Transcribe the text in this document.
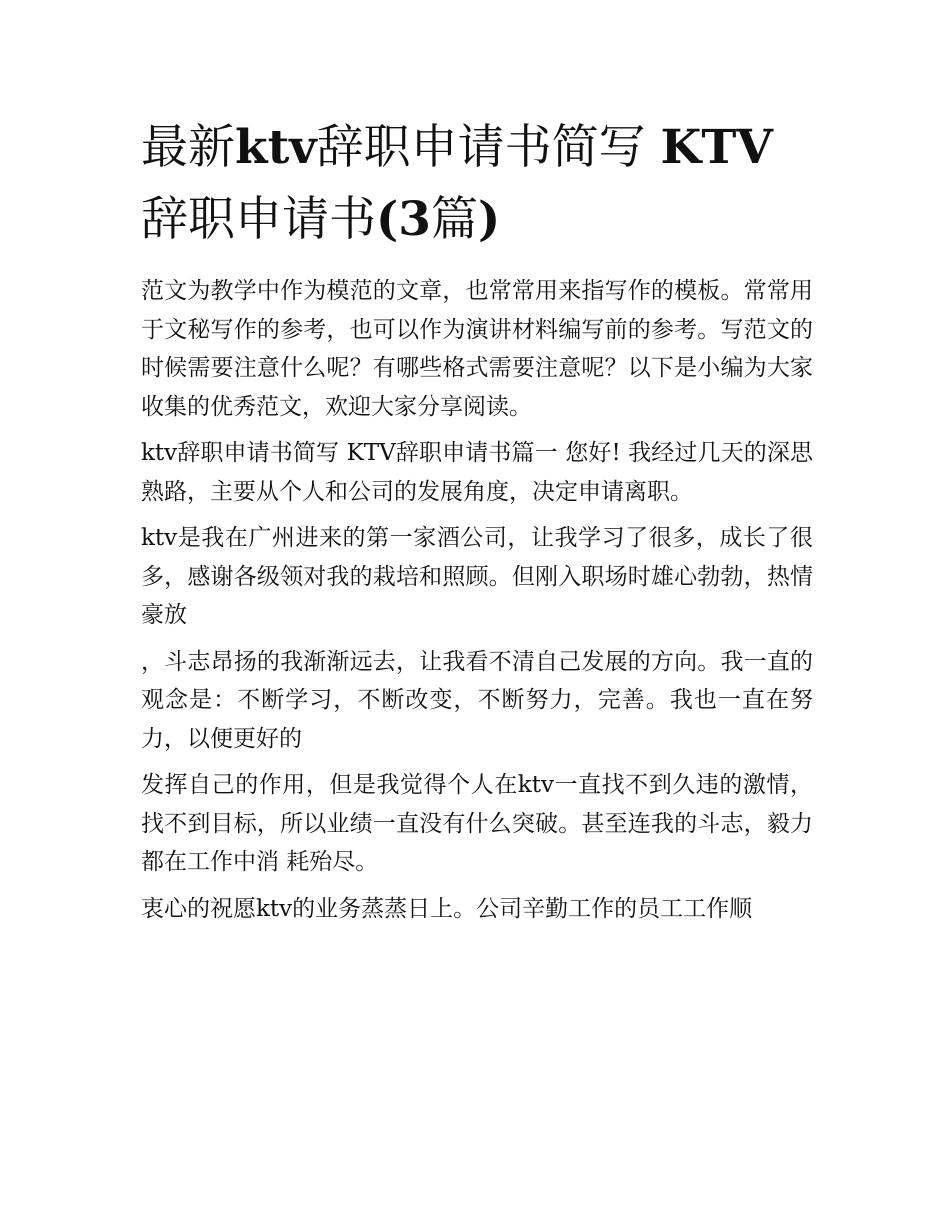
最新ktv辞职申请书简写 KTV辞职申请书(3篇)

范文为教学中作为模范的文章，也常常用来指写作的模板。常常用于文秘写作的参考，也可以作为演讲材料编写前的参考。写范文的时候需要注意什么呢？有哪些格式需要注意呢？以下是小编为大家收集的优秀范文，欢迎大家分享阅读。

ktv辞职申请书简写 KTV辞职申请书篇一 您好! 我经过几天的深思熟路，主要从个人和公司的发展角度，决定申请离职。

ktv是我在广州进来的第一家酒公司，让我学习了很多，成长了很多，感谢各级领对我的栽培和照顾。但刚入职场时雄心勃勃，热情豪放

，斗志昂扬的我渐渐远去，让我看不清自己发展的方向。我一直的观念是：不断学习，不断改变，不断努力，完善。我也一直在努力，以便更好的

发挥自己的作用，但是我觉得个人在ktv一直找不到久违的激情，找不到目标，所以业绩一直没有什么突破。甚至连我的斗志，毅力都在工作中消 耗殆尽。

衷心的祝愿ktv的业务蒸蒸日上。公司辛勤工作的员工工作顺
